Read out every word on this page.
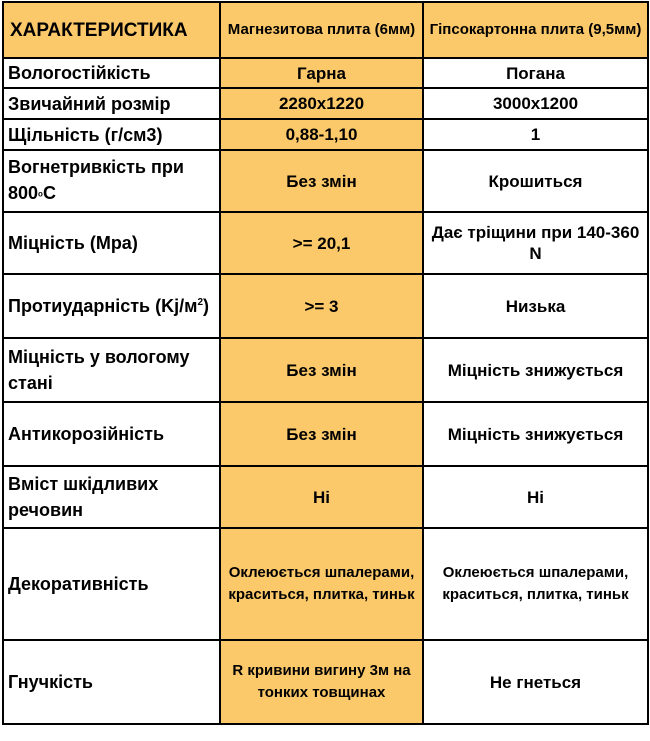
ХАРАКТЕРИСТИКА	Магнезитова плита (6мм)	Гіпсокартонна плита (9,5мм)
Вологостійкість	Гарна	Погана
Звичайний розмір	2280x1220	3000x1200
Щільність (г/см3)	0,88-1,10	1
Вогнетривкість при 800оС	Без змін	Крошиться
Міцність (Mpa)	>= 20,1	Дає тріщини при 140-360 N
Протиударність $(Kj/м^2)$	>= 3	Низька
Міцність у вологому стані	Без змін	Міцність знижується
Антикорозійність	Без змін	Міцність знижується
Вміст шкідливих речовин	Ні	Ні
Декоративність	Оклеюється шпалерами, краситься, плитка, тиньк	Оклеюється шпалерами, краситься, плитка, тиньк
Гнучкість	R кривини вигину 3м на тонких товщинах	Не гнеться
